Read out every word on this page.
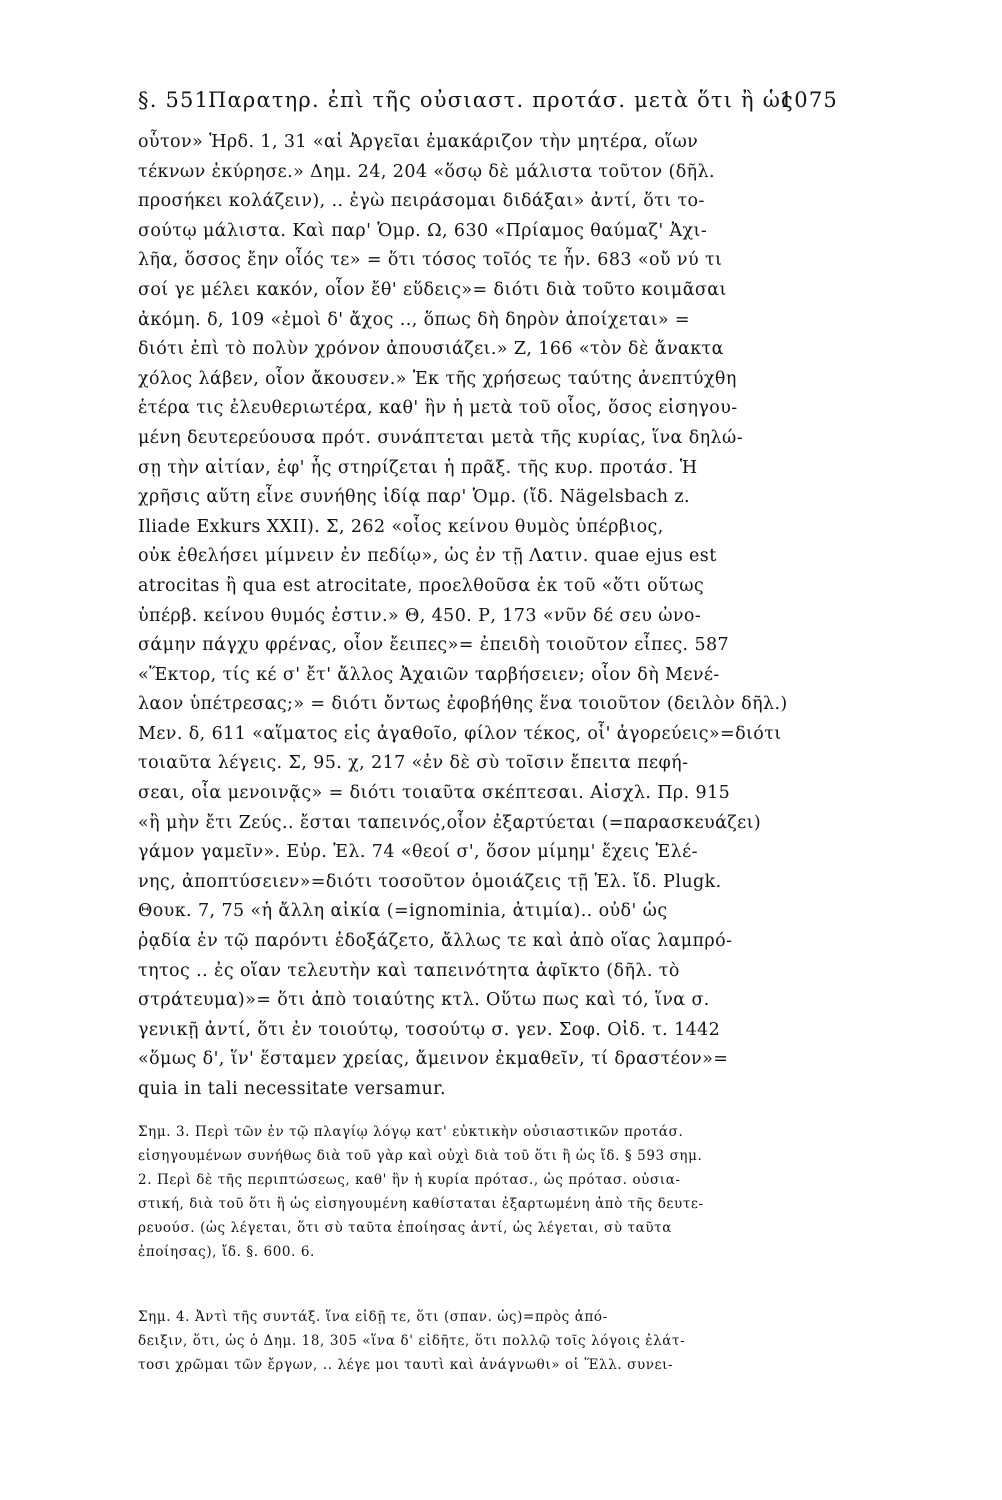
§. 551.
Παρατηρ. ἐπὶ τῆς οὐσιαστ. προτάσ. μετὰ ὅτι ἢ ὡς
1075
οὗτον» Ἡρδ. 1, 31 «αἱ Ἀργεῖαι ἐμακάριζον τὴν μητέρα, οἵων
τέκνων ἐκύρησε.» Δημ. 24, 204 «ὅσῳ δὲ μάλιστα τοῦτον (δῆλ.
προσήκει κολάζειν), .. ἐγὼ πειράσομαι διδάξαι» ἀντί, ὅτι το-
σούτῳ μάλιστα. Καὶ παρ' Ὁμρ. Ω, 630 «Πρίαμος θαύμαζ' Ἀχι-
λῆα, ὅσσος ἔην οἷός τε» = ὅτι τόσος τοῖός τε ἦν. 683 «οὔ νύ τι
σοί γε μέλει κακόν, οἷον ἔθ' εὕδεις»= διότι διὰ τοῦτο κοιμᾶσαι
ἀκόμη. δ, 109 «ἐμοὶ δ' ἄχος .., ὅπως δὴ δηρὸν ἀποίχεται» =
διότι ἐπὶ τὸ πολὺν χρόνον ἀπουσιάζει.» Ζ, 166 «τὸν δὲ ἄνακτα
χόλος λάβεν, οἷον ἄκουσεν.» Ἐκ τῆς χρήσεως ταύτης ἀνεπτύχθη
ἑτέρα τις ἐλευθεριωτέρα, καθ' ἣν ἡ μετὰ τοῦ οἷος, ὅσος εἰσηγου-
μένη δευτερεύουσα πρότ. συνάπτεται μετὰ τῆς κυρίας, ἵνα δηλώ-
σῃ τὴν αἰτίαν, ἐφ' ἧς στηρίζεται ἡ πρᾶξ. τῆς κυρ. προτάσ. Ἡ
χρῆσις αὕτη εἶνε συνήθης ἰδίᾳ παρ' Ὁμρ. (ἴδ. Nägelsbach z.
Iliade Exkurs XXII). Σ, 262 «οἷος κείνου θυμὸς ὑπέρβιος,
οὐκ ἐθελήσει μίμνειν ἐν πεδίῳ», ὡς ἐν τῇ Λατιν. quae ejus est
atrocitas ἢ qua est atrocitate, προελθοῦσα ἐκ τοῦ «ὅτι οὕτως
ὑπέρβ. κείνου θυμός ἐστιν.» Θ, 450. Ρ, 173 «νῦν δέ σευ ὠνο-
σάμην πάγχυ φρένας, οἷον ἔειπες»= ἐπειδὴ τοιοῦτον εἶπες. 587
«Ἕκτορ, τίς κέ σ' ἔτ' ἄλλος Ἀχαιῶν ταρβήσειεν; οἷον δὴ Μενέ-
λαον ὑπέτρεσας;» = διότι ὄντως ἐφοβήθης ἕνα τοιοῦτον (δειλὸν δῆλ.)
Μεν. δ, 611 «αἵματος εἰς ἀγαθοῖο, φίλον τέκος, οἷ' ἀγορεύεις»=διότι
τοιαῦτα λέγεις. Σ, 95. χ, 217 «ἐν δὲ σὺ τοῖσιν ἔπειτα πεφή-
σεαι, οἷα μενοινᾷς» = διότι τοιαῦτα σκέπτεσαι. Αἰσχλ. Πρ. 915
«ἢ μὴν ἔτι Ζεύς.. ἔσται ταπεινός,οἷον ἐξαρτύεται (=παρασκευάζει)
γάμον γαμεῖν». Εὐρ. Ἑλ. 74 «θεοί σ', ὅσον μίμημ' ἔχεις Ἑλέ-
νης, ἀποπτύσειεν»=διότι τοσοῦτον ὁμοιάζεις τῇ Ἑλ. ἴδ. Plugk.
Θουκ. 7, 75 «ἡ ἄλλη αἰκία (=ignominia, ἀτιμία).. οὐδ' ὡς
ῥᾳδία ἐν τῷ παρόντι ἐδοξάζετο, ἄλλως τε καὶ ἀπὸ οἵας λαμπρό-
τητος .. ἐς οἵαν τελευτὴν καὶ ταπεινότητα ἀφῖκτο (δῆλ. τὸ
στράτευμα)»= ὅτι ἀπὸ τοιαύτης κτλ. Οὕτω πως καὶ τό, ἵνα σ.
γενικῇ ἀντί, ὅτι ἐν τοιούτῳ, τοσούτῳ σ. γεν. Σοφ. Οἰδ. τ. 1442
«ὅμως δ', ἵν' ἕσταμεν χρείας, ἄμεινον ἐκμαθεῖν, τί δραστέον»=
quia in tali necessitate versamur.
Σημ. 3. Περὶ τῶν ἐν τῷ πλαγίῳ λόγῳ κατ' εὐκτικὴν οὐσιαστικῶν προτάσ.
εἰσηγουμένων συνήθως διὰ τοῦ γὰρ καὶ οὐχὶ διὰ τοῦ ὅτι ἢ ὡς ἴδ. § 593 σημ.
2. Περὶ δὲ τῆς περιπτώσεως, καθ' ἣν ἡ κυρία πρότασ., ὡς πρότασ. οὐσια-
στική, διὰ τοῦ ὅτι ἢ ὡς εἰσηγουμένη καθίσταται ἐξαρτωμένη ἀπὸ τῆς δευτε-
ρευούσ. (ὡς λέγεται, ὅτι σὺ ταῦτα ἐποίησας ἀντί, ὡς λέγεται, σὺ ταῦτα
ἐποίησας), ἴδ. §. 600. 6.
Σημ. 4. Ἀντὶ τῆς συντάξ. ἵνα εἰδῇ τε, ὅτι (σπαν. ὡς)=πρὸς ἀπό-
δειξιν, ὅτι, ὡς ὁ Δημ. 18, 305 «ἵνα δ' εἰδῆτε, ὅτι πολλῷ τοῖς λόγοις ἐλάτ-
τοσι χρῶμαι τῶν ἔργων, .. λέγε μοι ταυτὶ καὶ ἀνάγνωθι» οἱ Ἕλλ. συνει-
